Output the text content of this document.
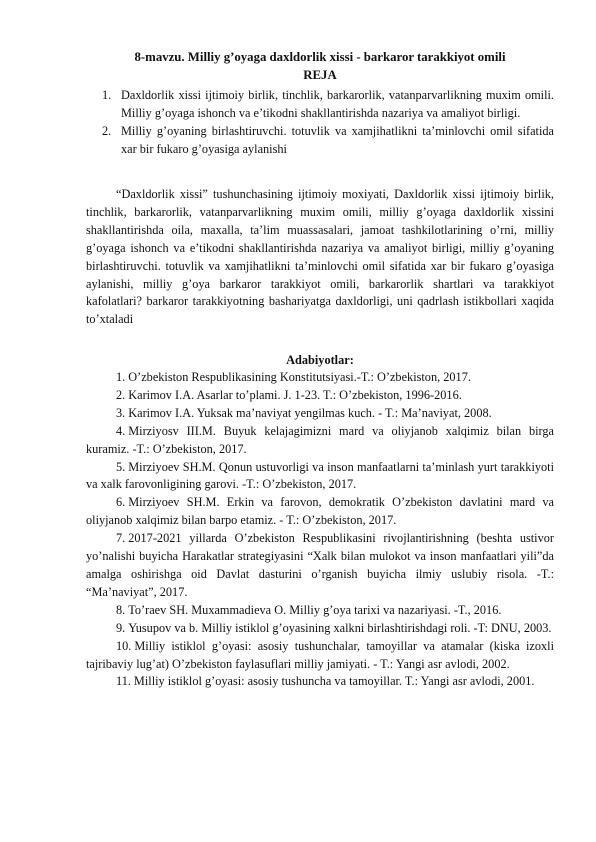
8-mavzu. Milliy g’oyaga daxldorlik xissi - barkaror tarakkiyot omili
REJA
1. Daxldorlik xissi ijtimoiy birlik, tinchlik, barkarorlik, vatanparvarlikning muxim omili. Milliy g’oyaga ishonch va e’tikodni shakllantirishda nazariya va amaliyot birligi.
2. Milliy g’oyaning birlashtiruvchi. totuvlik va xamjihatlikni ta’minlovchi omil sifatida xar bir fukaro g’oyasiga aylanishi
“Daxldorlik xissi” tushunchasining ijtimoiy moxiyati, Daxldorlik xissi ijtimoiy birlik, tinchlik, barkarorlik, vatanparvarlikning muxim omili, milliy g’oyaga daxldorlik xissini shakllantirishda oila, maxalla, ta’lim muassasalari, jamoat tashkilotlarining o’rni, milliy g’oyaga ishonch va e’tikodni shakllantirishda nazariya va amaliyot birligi, milliy g’oyaning birlashtiruvchi. totuvlik va xamjihatlikni ta’minlovchi omil sifatida xar bir fukaro g’oyasiga aylanishi, milliy g’oya barkaror tarakkiyot omili, barkarorlik shartlari va tarakkiyot kafolatlari? barkaror tarakkiyotning bashariyatga daxldorligi, uni qadrlash istikbollari xaqida to’xtaladi
Adabiyotlar:
1. O’zbekiston Respublikasining Konstitutsiyasi.-T.: O’zbekiston, 2017.
2. Karimov I.A. Asarlar to’plami. J. 1-23. T.: O’zbekiston, 1996-2016.
3. Karimov I.A. Yuksak ma’naviyat yengilmas kuch. - T.: Ma’naviyat, 2008.
4. Mirziyosv III.M. Buyuk kelajagimizni mard va oliyjanob xalqimiz bilan birga kuramiz. -T.: O’zbekiston, 2017.
5. Mirziyoev SH.M. Qonun ustuvorligi va inson manfaatlarni ta’minlash yurt tarakkiyoti va xalk farovonligining garovi. -T.: O’zbekiston, 2017.
6. Mirziyoev SH.M. Erkin va farovon, demokratik O’zbekiston davlatini mard va oliyjanob xalqimiz bilan barpo etamiz. - T.: O’zbekiston, 2017.
7. 2017-2021 yillarda O’zbekiston Respublikasini rivojlantirishning (beshta ustivor yo’nalishi buyicha Harakatlar strategiyasini “Xalk bilan mulokot va inson manfaatlari yili”da amalga oshirishga oid Davlat dasturini o’rganish buyicha ilmiy uslubiy risola. -T.: “Ma’naviyat”, 2017.
8. To’raev SH. Muxammadieva O. Milliy g’oya tarixi va nazariyasi. -T., 2016.
9. Yusupov va b. Milliy istiklol g’oyasining xalkni birlashtirishdagi roli. -T: DNU, 2003.
10. Milliy istiklol g’oyasi: asosiy tushunchalar, tamoyillar va atamalar (kiska izoxli tajribaviy lug’at) O’zbekiston faylasuflari milliy jamiyati. - T.: Yangi asr avlodi, 2002.
11. Milliy istiklol g’oyasi: asosiy tushuncha va tamoyillar. T.: Yangi asr avlodi, 2001.
